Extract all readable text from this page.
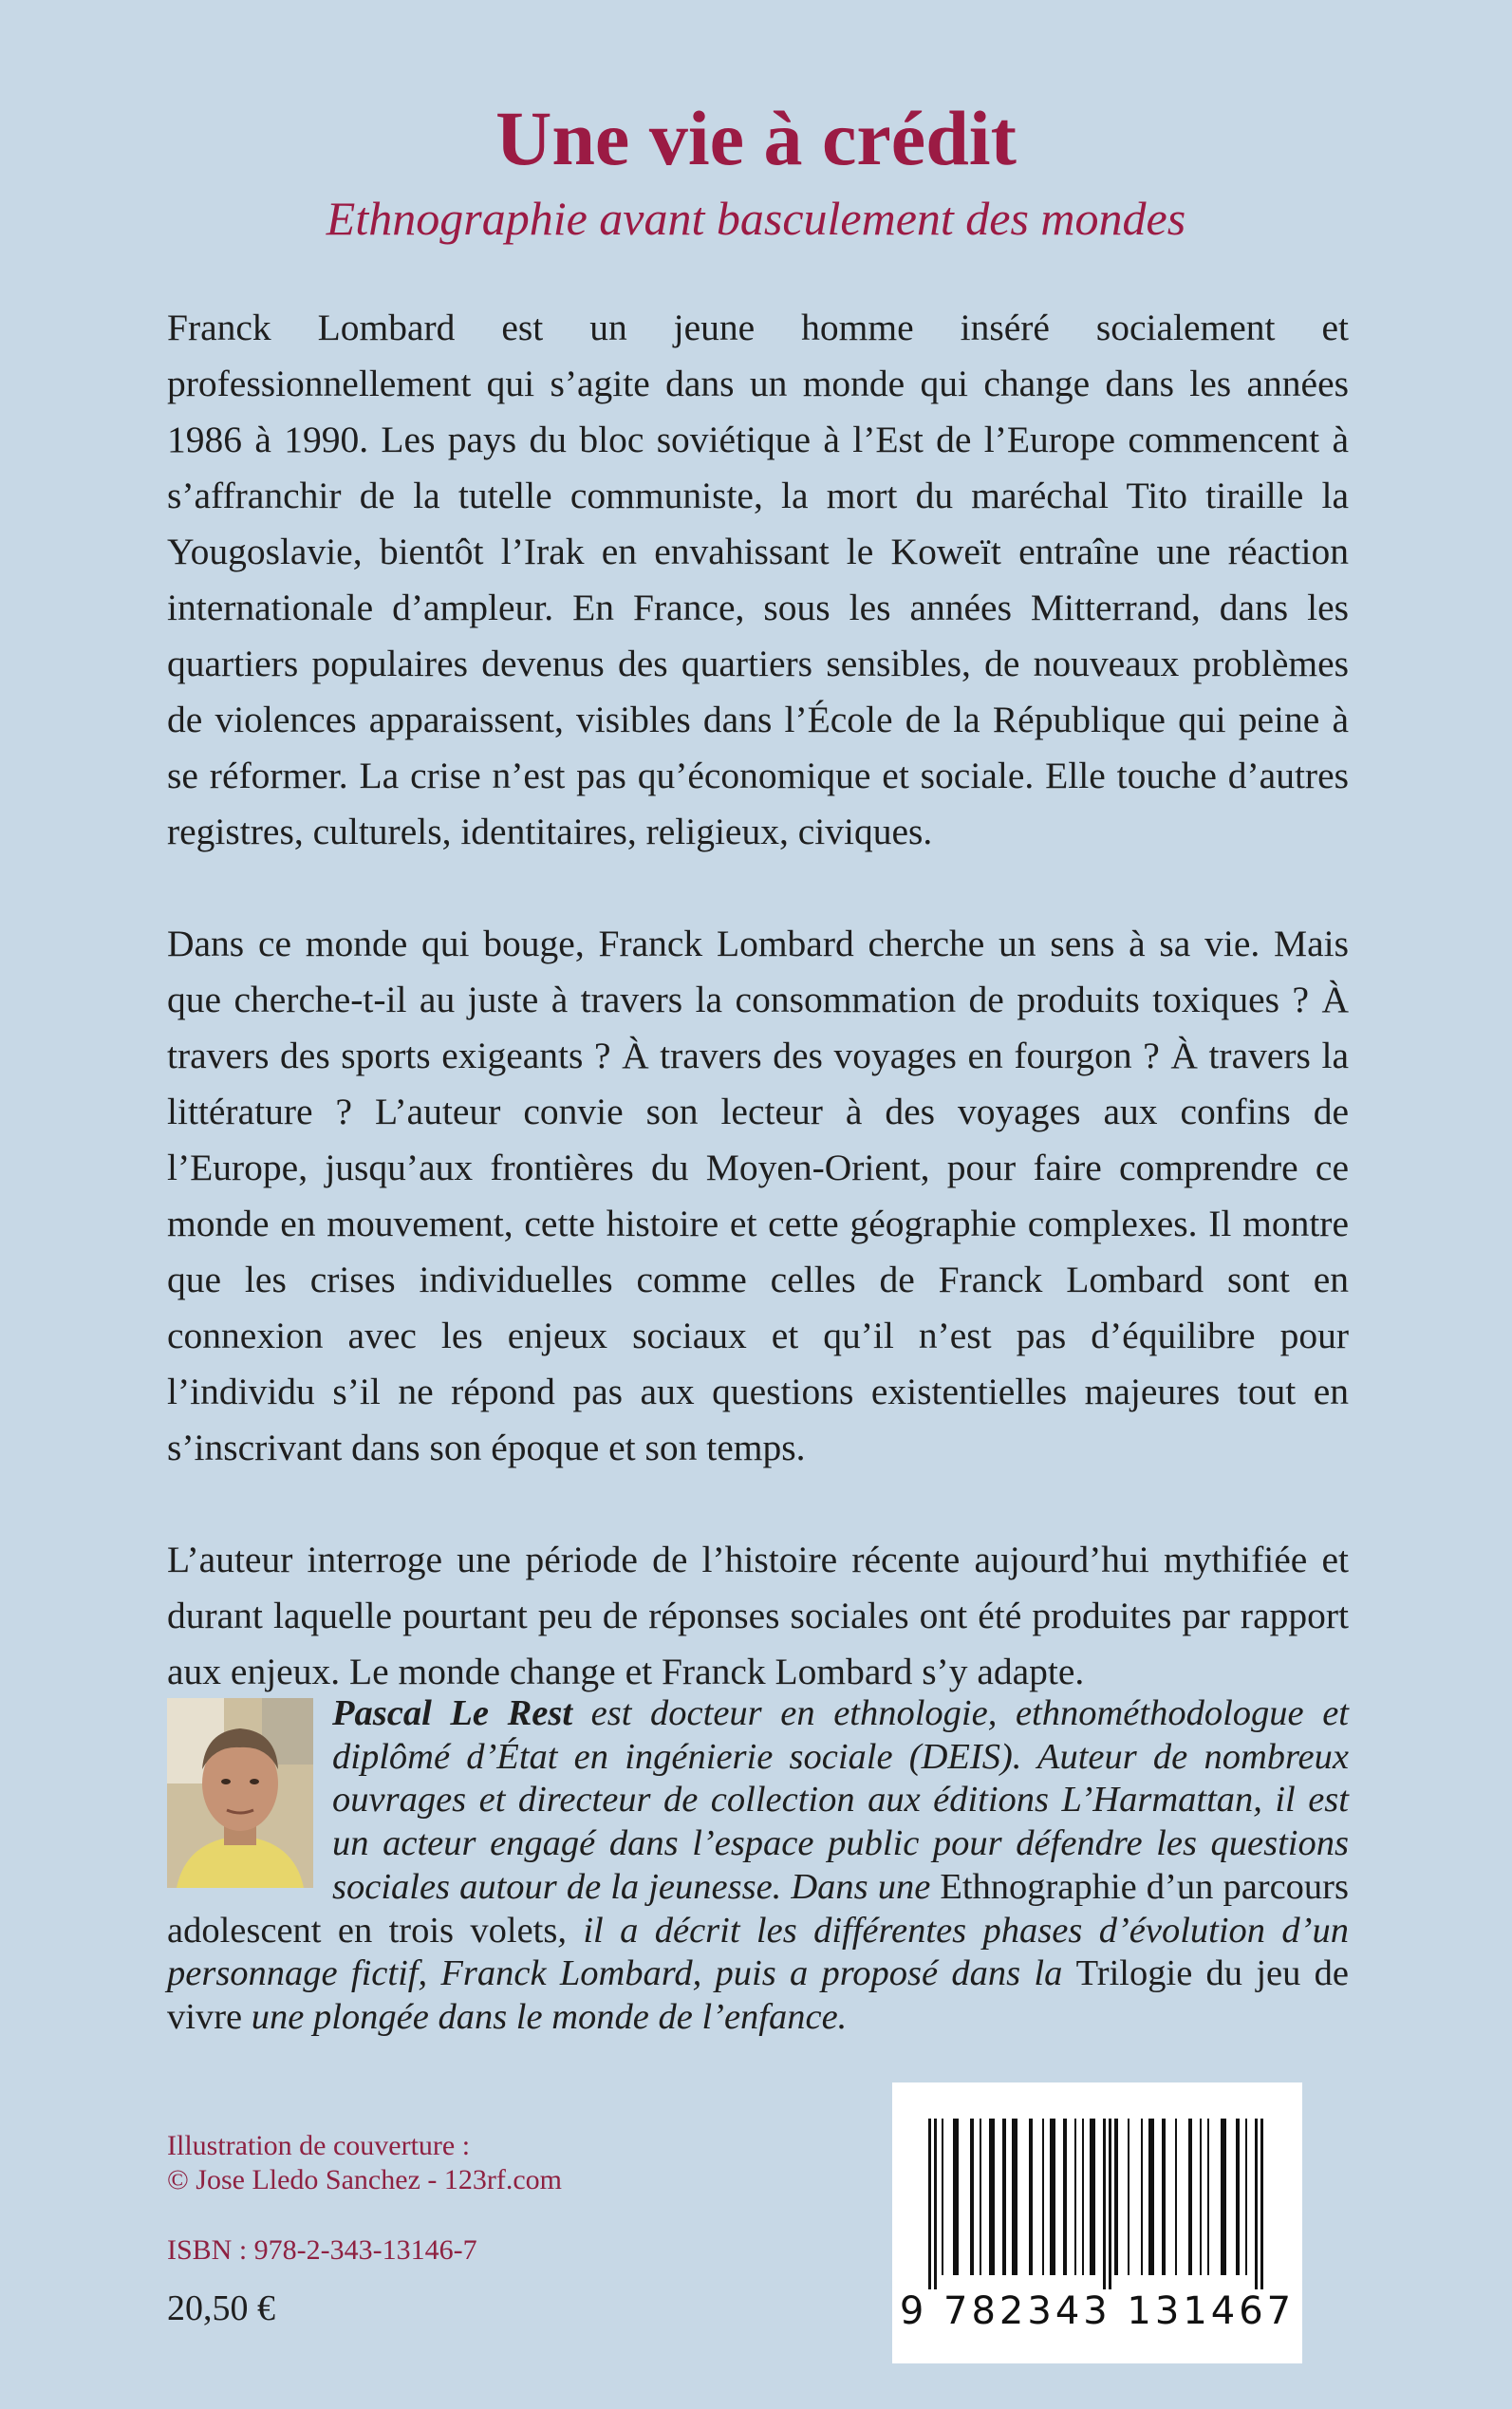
Une vie à crédit
Ethnographie avant basculement des mondes

Franck Lombard est un jeune homme inséré socialement et professionnellement qui s’agite dans un monde qui change dans les années 1986 à 1990. Les pays du bloc soviétique à l’Est de l’Europe commencent à s’affranchir de la tutelle communiste, la mort du maréchal Tito tiraille la Yougoslavie, bientôt l’Irak en envahissant le Koweït entraîne une réaction internationale d’ampleur. En France, sous les années Mitterrand, dans les quartiers populaires devenus des quartiers sensibles, de nouveaux problèmes de violences apparaissent, visibles dans l’École de la République qui peine à se réformer. La crise n’est pas qu’économique et sociale. Elle touche d’autres registres, culturels, identitaires, religieux, civiques.

Dans ce monde qui bouge, Franck Lombard cherche un sens à sa vie. Mais que cherche-t-il au juste à travers la consommation de produits toxiques ? À travers des sports exigeants ? À travers des voyages en fourgon ? À travers la littérature ? L’auteur convie son lecteur à des voyages aux confins de l’Europe, jusqu’aux frontières du Moyen-Orient, pour faire comprendre ce monde en mouvement, cette histoire et cette géographie complexes. Il montre que les crises individuelles comme celles de Franck Lombard sont en connexion avec les enjeux sociaux et qu’il n’est pas d’équilibre pour l’individu s’il ne répond pas aux questions existentielles majeures tout en s’inscrivant dans son époque et son temps.

L’auteur interroge une période de l’histoire récente aujourd’hui mythifiée et durant laquelle pourtant peu de réponses sociales ont été produites par rapport aux enjeux. Le monde change et Franck Lombard s’y adapte.

Pascal Le Rest est docteur en ethnologie, ethnométhodologue et diplômé d’État en ingénierie sociale (DEIS). Auteur de nombreux ouvrages et directeur de collection aux éditions L’Harmattan, il est un acteur engagé dans l’espace public pour défendre les questions sociales autour de la jeunesse. Dans une Ethnographie d’un parcours adolescent en trois volets, il a décrit les différentes phases d’évolution d’un personnage fictif, Franck Lombard, puis a proposé dans la Trilogie du jeu de vivre une plongée dans le monde de l’enfance.
Illustration de couverture :
© Jose Lledo Sanchez - 123rf.com
ISBN : 978-2-343-13146-7
20,50 €	9 782343 131467
